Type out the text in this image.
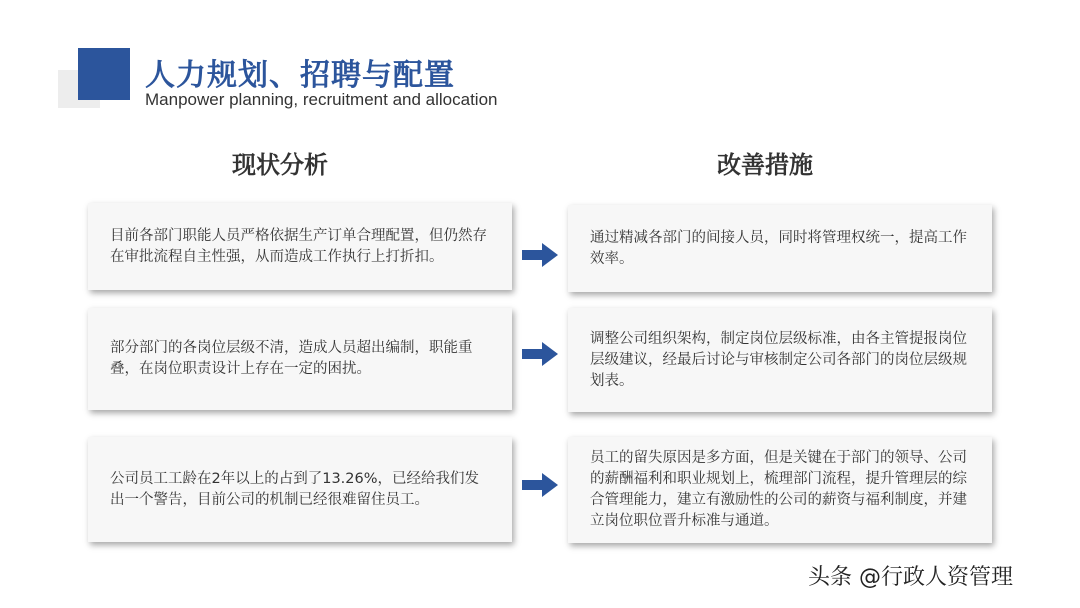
人力规划、招聘与配置
Manpower planning, recruitment and allocation
现状分析	改善措施
目前各部门职能人员严格依据生产订单合理配置，但仍然存在审批流程自主性强，从而造成工作执行上打折扣。
部分部门的各岗位层级不清，造成人员超出编制，职能重叠，在岗位职责设计上存在一定的困扰。
公司员工工龄在2年以上的占到了13.26%，已经给我们发出一个警告，目前公司的机制已经很难留住员工。
通过精减各部门的间接人员，同时将管理权统一，提高工作效率。
调整公司组织架构，制定岗位层级标准，由各主管提报岗位层级建议，经最后讨论与审核制定公司各部门的岗位层级规划表。
员工的留失原因是多方面，但是关键在于部门的领导、公司的薪酬福利和职业规划上，梳理部门流程，提升管理层的综合管理能力，建立有激励性的公司的薪资与福利制度，并建立岗位职位晋升标准与通道。
头条 @行政人资管理
